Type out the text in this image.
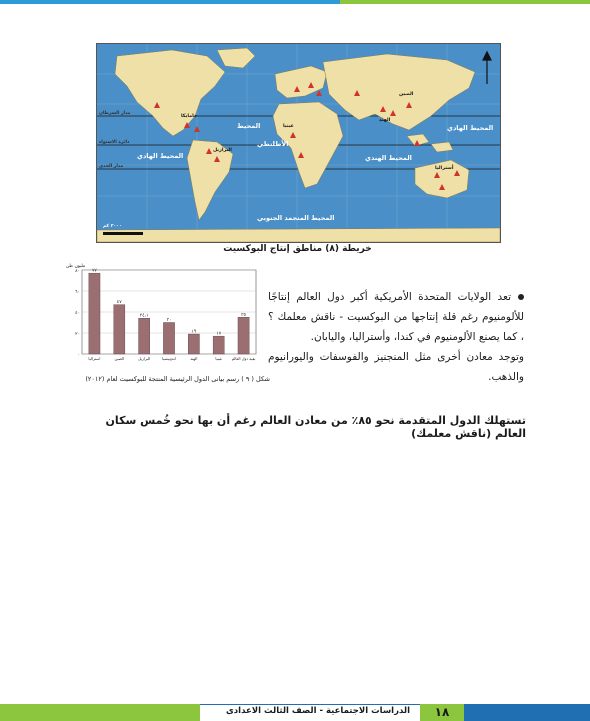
مدار السرطان
دائرة الاستواء
مدار الجدي
المحيط الهادي
المحيط الهادي
الأطلنطي
المحيط الهندي
المحيط المتجمد الجنوبي
المحيط
الصين
الهند
البرازيل
غينيا
جامايكا
أستراليا
٢٠٠٠ كم
خريطة (٨) مناطق إنتاج البوكسيت
٠
٢٠
٤٠
٦٠
٨٠
مليون طن
٧٧
استراليا
٤٧
الصين
٣٤،١
البرازيل
٣٠
اندونيسيا
١٩
الهند
١٧
غينيا
٣٥
بقية دول العالم
شكل ( ٩ ) رسم بيانى الدول الرئيسية المنتجة للبوكسيت لعام (٢٠١٢)

تعد الولايات المتحدة الأمريكية أكبر دول العالم إنتاجًا للألومنيوم رغم قلة إنتاجها من البوكسيت - ناقش معلمك ؟ ، كما يصنع الألومنيوم في كندا، وأستراليا، واليابان.

وتوجد معادن أخرى مثل المنجنيز والفوسفات واليورانيوم والذهب.

تستهلك الدول المتقدمة نحو ٨٥٪ من معادن العالم رغم أن بها نحو خُمس سكان العالم (ناقش معلمك)
الدراسات الاجتماعية - الصف الثالث الاعدادى	١٨
